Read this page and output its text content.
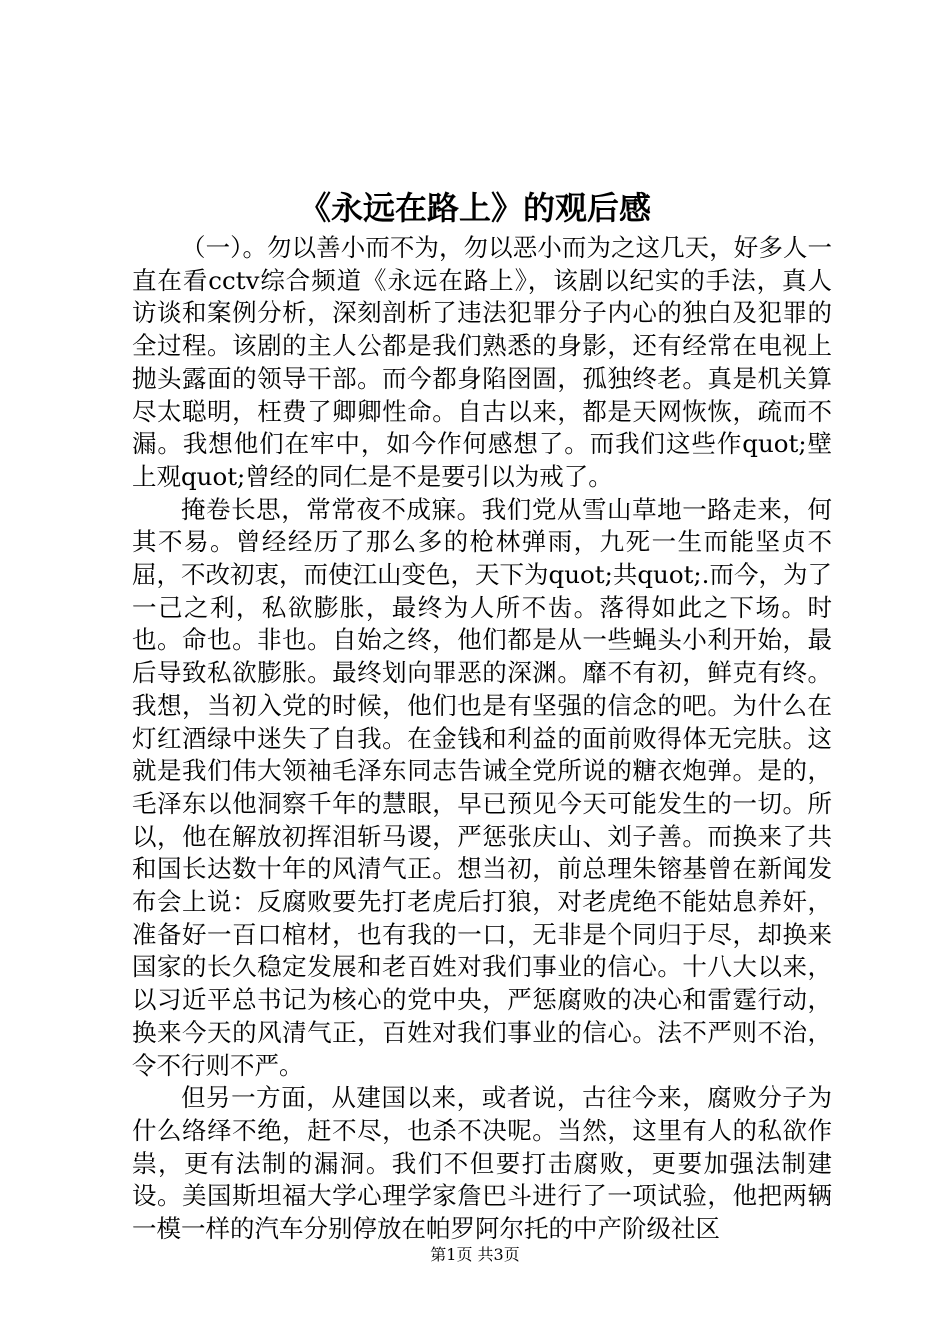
《永远在路上》的观后感

（一）。勿以善小而不为，勿以恶小而为之这几天，好多人一直在看cctv综合频道《永远在路上》，该剧以纪实的手法，真人访谈和案例分析，深刻剖析了违法犯罪分子内心的独白及犯罪的全过程。该剧的主人公都是我们熟悉的身影，还有经常在电视上抛头露面的领导干部。而今都身陷囹圄，孤独终老。真是机关算尽太聪明，枉费了卿卿性命。自古以来，都是天网恢恢，疏而不漏。我想他们在牢中，如今作何感想了。而我们这些作quot;壁上观quot;曾经的同仁是不是要引以为戒了。

掩卷长思，常常夜不成寐。我们党从雪山草地一路走来，何其不易。曾经经历了那么多的枪林弹雨，九死一生而能坚贞不屈，不改初衷，而使江山变色，天下为quot;共quot;.而今，为了一己之利，私欲膨胀，最终为人所不齿。落得如此之下场。时也。命也。非也。自始之终，他们都是从一些蝇头小利开始，最后导致私欲膨胀。最终划向罪恶的深渊。靡不有初，鲜克有终。我想，当初入党的时候，他们也是有坚强的信念的吧。为什么在灯红酒绿中迷失了自我。在金钱和利益的面前败得体无完肤。这就是我们伟大领袖毛泽东同志告诫全党所说的糖衣炮弹。是的，毛泽东以他洞察千年的慧眼，早已预见今天可能发生的一切。所以，他在解放初挥泪斩马谡，严惩张庆山、刘子善。而换来了共和国长达数十年的风清气正。想当初，前总理朱镕基曾在新闻发布会上说：反腐败要先打老虎后打狼，对老虎绝不能姑息养奸，准备好一百口棺材，也有我的一口，无非是个同归于尽，却换来国家的长久稳定发展和老百姓对我们事业的信心。十八大以来，以习近平总书记为核心的党中央，严惩腐败的决心和雷霆行动，换来今天的风清气正，百姓对我们事业的信心。法不严则不治，令不行则不严。

但另一方面，从建国以来，或者说，古往今来，腐败分子为什么络绎不绝，赶不尽，也杀不决呢。当然，这里有人的私欲作祟，更有法制的漏洞。我们不但要打击腐败，更要加强法制建设。美国斯坦福大学心理学家詹巴斗进行了一项试验，他把两辆一模一样的汽车分别停放在帕罗阿尔托的中产阶级社区

第1页 共3页
